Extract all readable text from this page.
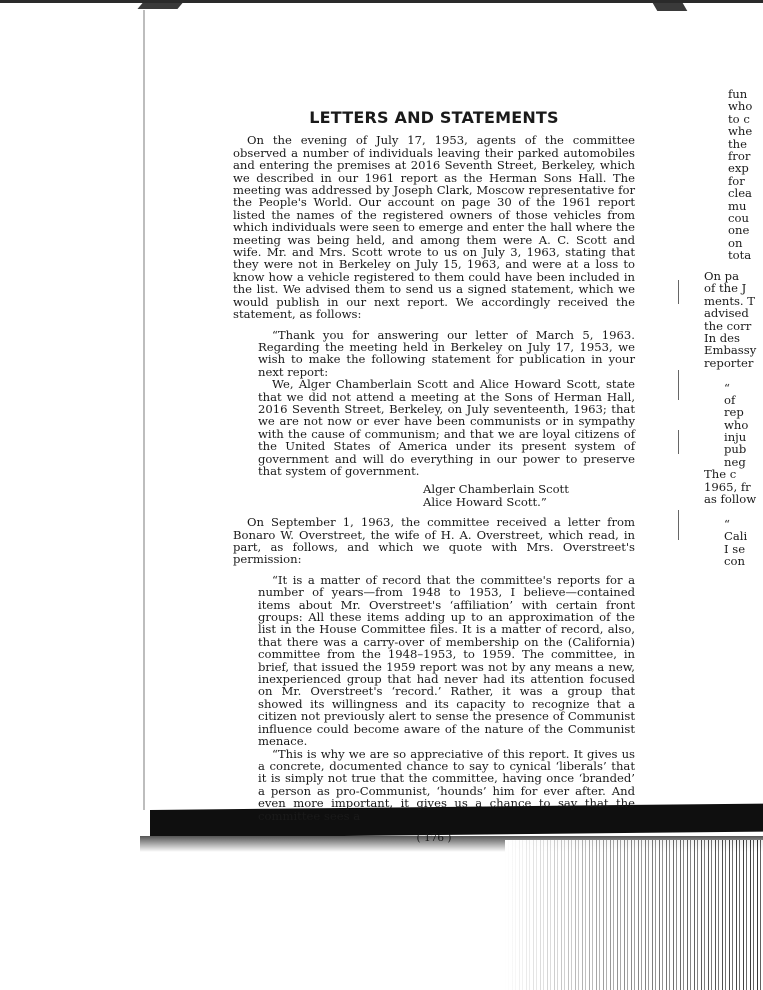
LETTERS AND STATEMENTS

On the evening of July 17, 1953, agents of the committee observed a number of individuals leaving their parked automobiles and entering the premises at 2016 Seventh Street, Berkeley, which we described in our 1961 report as the Herman Sons Hall. The meeting was addressed by Joseph Clark, Moscow representative for the People's World. Our account on page 30 of the 1961 report listed the names of the registered owners of those vehicles from which individuals were seen to emerge and enter the hall where the meeting was being held, and among them were A. C. Scott and wife. Mr. and Mrs. Scott wrote to us on July 3, 1963, stating that they were not in Berkeley on July 15, 1963, and were at a loss to know how a vehicle registered to them could have been included in the list. We advised them to send us a signed statement, which we would publish in our next report. We accordingly received the statement, as follows:

“Thank you for answering our letter of March 5, 1963. Regarding the meeting held in Berkeley on July 17, 1953, we wish to make the following statement for publication in your next report:

We, Alger Chamberlain Scott and Alice Howard Scott, state that we did not attend a meeting at the Sons of Herman Hall, 2016 Seventh Street, Berkeley, on July seventeenth, 1963; that we are not now or ever have been communists or in sympathy with the cause of communism; and that we are loyal citizens of the United States of America under its present system of government and will do everything in our power to preserve that system of government.

Alger Chamberlain Scott

Alice Howard Scott.”

On September 1, 1963, the committee received a letter from Bonaro W. Overstreet, the wife of H. A. Overstreet, which read, in part, as follows, and which we quote with Mrs. Overstreet's permission:

“It is a matter of record that the committee's reports for a number of years—from 1948 to 1953, I believe—contained items about Mr. Overstreet's ‘affiliation’ with certain front groups: All these items adding up to an approximation of the list in the House Committee files. It is a matter of record, also, that there was a carry-over of membership on the (California) committee from the 1948–1953, to 1959. The committee, in brief, that issued the 1959 report was not by any means a new, inexperienced group that had never had its attention focused on Mr. Overstreet's ‘record.’ Rather, it was a group that showed its willingness and its capacity to recognize that a citizen not previously alert to sense the presence of Communist influence could become aware of the nature of the Communist menace.

“This is why we are so appreciative of this report. It gives us a concrete, documented chance to say to cynical ‘liberals’ that it is simply not true that the committee, having once ‘branded’ a person as pro-Communist, ‘hounds’ him for ever after. And even more important, it gives us a chance to say that the committee sees a

( 176 )
fun
who
to c
whe
the
fror
exp
for
clea
mu
cou
one
on
tota
On pa
of the J
ments. T
advised
the corr
In des
Embassy
reporter
“
of
rep
who
inju
pub
neg
The c
1965, fr
as follow
“
Cali
I se
con
